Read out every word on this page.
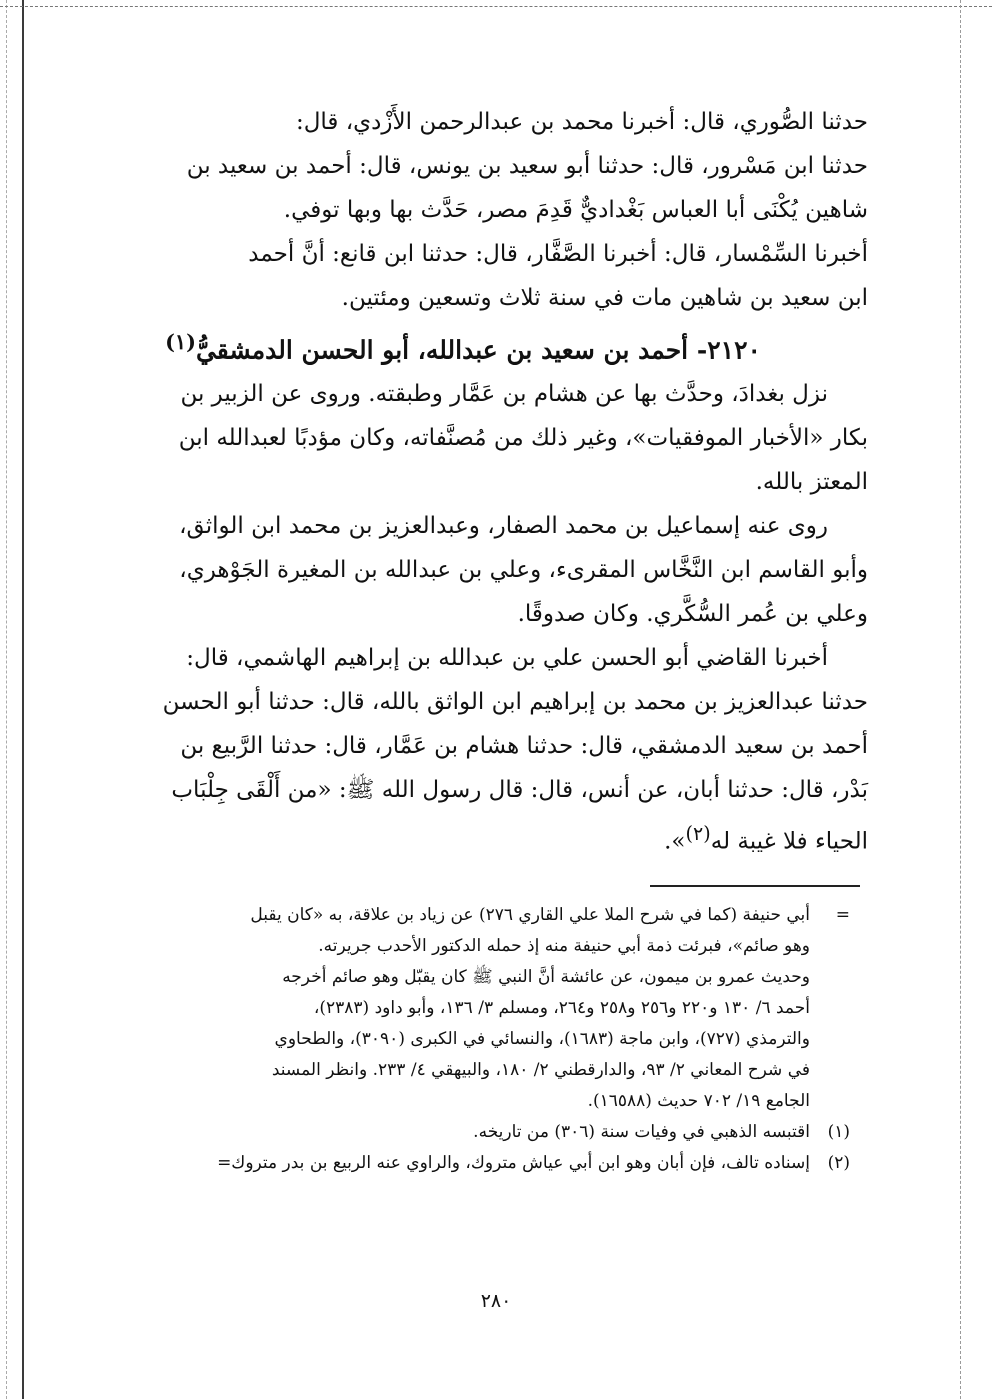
حدثنا الصُّوري، قال: أخبرنا محمد بن عبدالرحمن الأَزْدي، قال:

حدثنا ابن مَسْرور، قال: حدثنا أبو سعيد بن يونس، قال: أحمد بن سعيد بن

شاهين يُكْنَى أبا العباس بَغْداديٌّ قَدِمَ مصر، حَدَّث بها وبها توفي.

أخبرنا السِّمْسار، قال: أخبرنا الصَّفَّار، قال: حدثنا ابن قانع: أنَّ أحمد

ابن سعيد بن شاهين مات في سنة ثلاث وتسعين ومئتين.

٢١٢٠- أحمد بن سعيد بن عبدالله، أبو الحسن الدمشقيُّ$^{(١)}$

نزل بغدادَ، وحدَّث بها عن هشام بن عَمَّار وطبقته. وروى عن الزبير بن

بكار «الأخبار الموفقيات»، وغير ذلك من مُصنَّفاته، وكان مؤدبًا لعبدالله ابن

المعتز بالله.

روى عنه إسماعيل بن محمد الصفار، وعبدالعزيز بن محمد ابن الواثق،

وأبو القاسم ابن النَّخَّاس المقرىء، وعلي بن عبدالله بن المغيرة الجَوْهري،

وعلي بن عُمر السُّكَّري. وكان صدوقًا.

أخبرنا القاضي أبو الحسن علي بن عبدالله بن إبراهيم الهاشمي، قال:

حدثنا عبدالعزيز بن محمد بن إبراهيم ابن الواثق بالله، قال: حدثنا أبو الحسن

أحمد بن سعيد الدمشقي، قال: حدثنا هشام بن عَمَّار، قال: حدثنا الرَّبيع بن

بَدْر، قال: حدثنا أبان، عن أنس، قال: قال رسول الله ﷺ: «من أَلْقَى جِلْبَاب

الحياء فلا غيبة له$^{(٢)}$».

=

أبي حنيفة (كما في شرح الملا علي القاري ٢٧٦) عن زياد بن علاقة، به «كان يقبل

وهو صائم»، فبرئت ذمة أبي حنيفة منه إذ حمله الدكتور الأحدب جريرته.

وحديث عمرو بن ميمون، عن عائشة أنَّ النبي ﷺ كان يقبّل وهو صائم أخرجه

أحمد ٦/ ١٣٠ و٢٢٠ و٢٥٦ و٢٥٨ و٢٦٤، ومسلم ٣/ ١٣٦، وأبو داود (٢٣٨٣)،

والترمذي (٧٢٧)، وابن ماجة (١٦٨٣)، والنسائي في الكبرى (٣٠٩٠)، والطحاوي

في شرح المعاني ٢/ ٩٣، والدارقطني ٢/ ١٨٠، والبيهقي ٤/ ٢٣٣. وانظر المسند

الجامع ١٩/ ٧٠٢ حديث (١٦٥٨٨).

(١)

اقتبسه الذهبي في وفيات سنة (٣٠٦) من تاريخه.

(٢)

إسناده تالف، فإن أبان وهو ابن أبي عياش متروك، والراوي عنه الربيع بن بدر متروك=

٢٨٠
